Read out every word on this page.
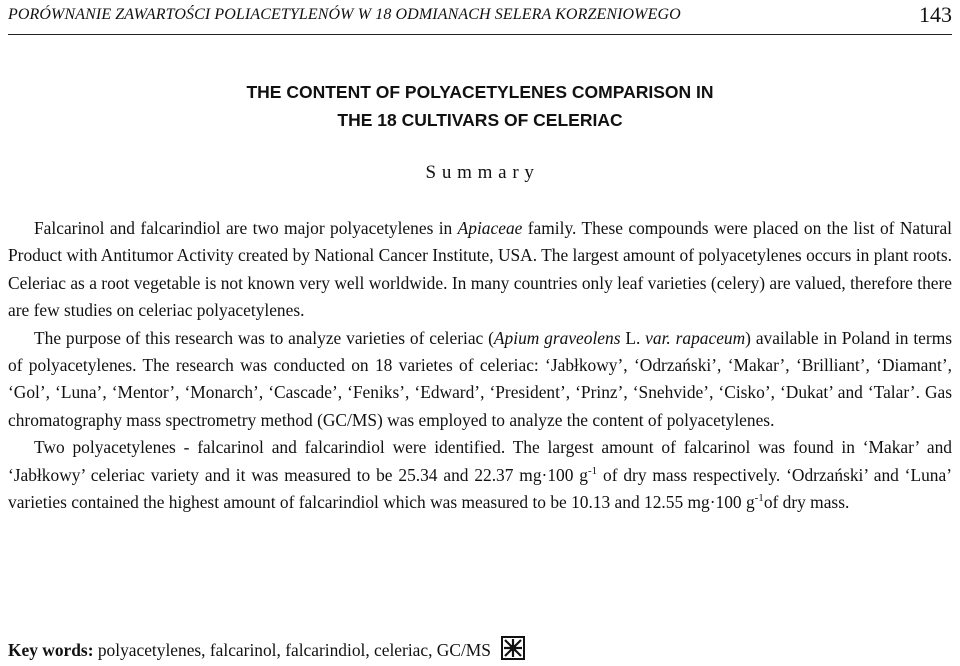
PORÓWNANIE ZAWARTOŚCI POLIACETYLENÓW W 18 ODMIANACH SELERA KORZENIOWEGO	143
THE CONTENT OF POLYACETYLENES COMPARISON IN
THE 18 CULTIVARS OF CELERIAC
S u m m a r y

Falcarinol and falcarindiol are two major polyacetylenes in Apiaceae family. These compounds were placed on the list of Natural Product with Antitumor Activity created by National Cancer Institute, USA. The largest amount of polyacetylenes occurs in plant roots. Celeriac as a root vegetable is not known very well worldwide. In many countries only leaf varieties (celery) are valued, therefore there are few studies on celeriac polyacetylenes.

The purpose of this research was to analyze varieties of celeriac (Apium graveolens L. var. rapaceum) available in Poland in terms of polyacetylenes. The research was conducted on 18 varietes of celeriac: ‘Jabłkowy’, ‘Odrzański’, ‘Makar’, ‘Brilliant’, ‘Diamant’, ‘Gol’, ‘Luna’, ‘Mentor’, ‘Monarch’, ‘Cascade’, ‘Feniks’, ‘Edward’, ‘President’, ‘Prinz’, ‘Snehvide’, ‘Cisko’, ‘Dukat’ and ‘Talar’. Gas chromatography mass spectrometry method (GC/MS) was employed to analyze the content of polyacetylenes.

Two polyacetylenes - falcarinol and falcarindiol were identified. The largest amount of falcarinol was found in ‘Makar’ and ‘Jabłkowy’ celeriac variety and it was measured to be 25.34 and 22.37 mg·100 $g^{-1}$ of dry mass respectively. ‘Odrzański’ and ‘Luna’ varieties contained the highest amount of falcarindiol which was measured to be 10.13 and 12.55 mg·100 $g^{-1}of$ dry mass.

Key words: polyacetylenes, falcarinol, falcarindiol, celeriac, GC/MS
